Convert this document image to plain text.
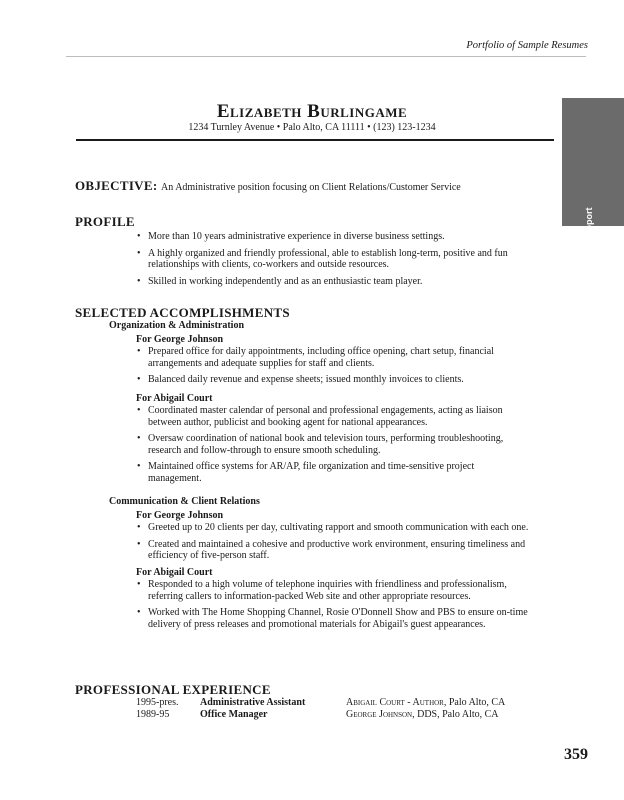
Portfolio of Sample Resumes
Support
Elizabeth Burlingame
1234 Turnley Avenue • Palo Alto, CA 11111 • (123) 123-1234
OBJECTIVE: An Administrative position focusing on Client Relations/Customer Service
PROFILE
• More than 10 years administrative experience in diverse business settings.
• A highly organized and friendly professional, able to establish long-term, positive and fun relationships with clients, co-workers and outside resources.
• Skilled in working independently and as an enthusiastic team player.
SELECTED ACCOMPLISHMENTS
Organization & Administration
For George Johnson
• Prepared office for daily appointments, including office opening, chart setup, financial arrangements and adequate supplies for staff and clients.
• Balanced daily revenue and expense sheets; issued monthly invoices to clients.
For Abigail Court
• Coordinated master calendar of personal and professional engagements, acting as liaison between author, publicist and booking agent for national appearances.
• Oversaw coordination of national book and television tours, performing troubleshooting, research and follow-through to ensure smooth scheduling.
• Maintained office systems for AR/AP, file organization and time-sensitive project management.
Communication & Client Relations
For George Johnson
• Greeted up to 20 clients per day, cultivating rapport and smooth communication with each one.
• Created and maintained a cohesive and productive work environment, ensuring timeliness and efficiency of five-person staff.
For Abigail Court
• Responded to a high volume of telephone inquiries with friendliness and professionalism, referring callers to information-packed Web site and other appropriate resources.
• Worked with The Home Shopping Channel, Rosie O'Donnell Show and PBS to ensure on-time delivery of press releases and promotional materials for Abigail's guest appearances.
PROFESSIONAL EXPERIENCE
1995-pres. Administrative Assistant	Abigail Court - Author, Palo Alto, CA
1989-95	Office Manager	George Johnson, DDS, Palo Alto, CA
359
